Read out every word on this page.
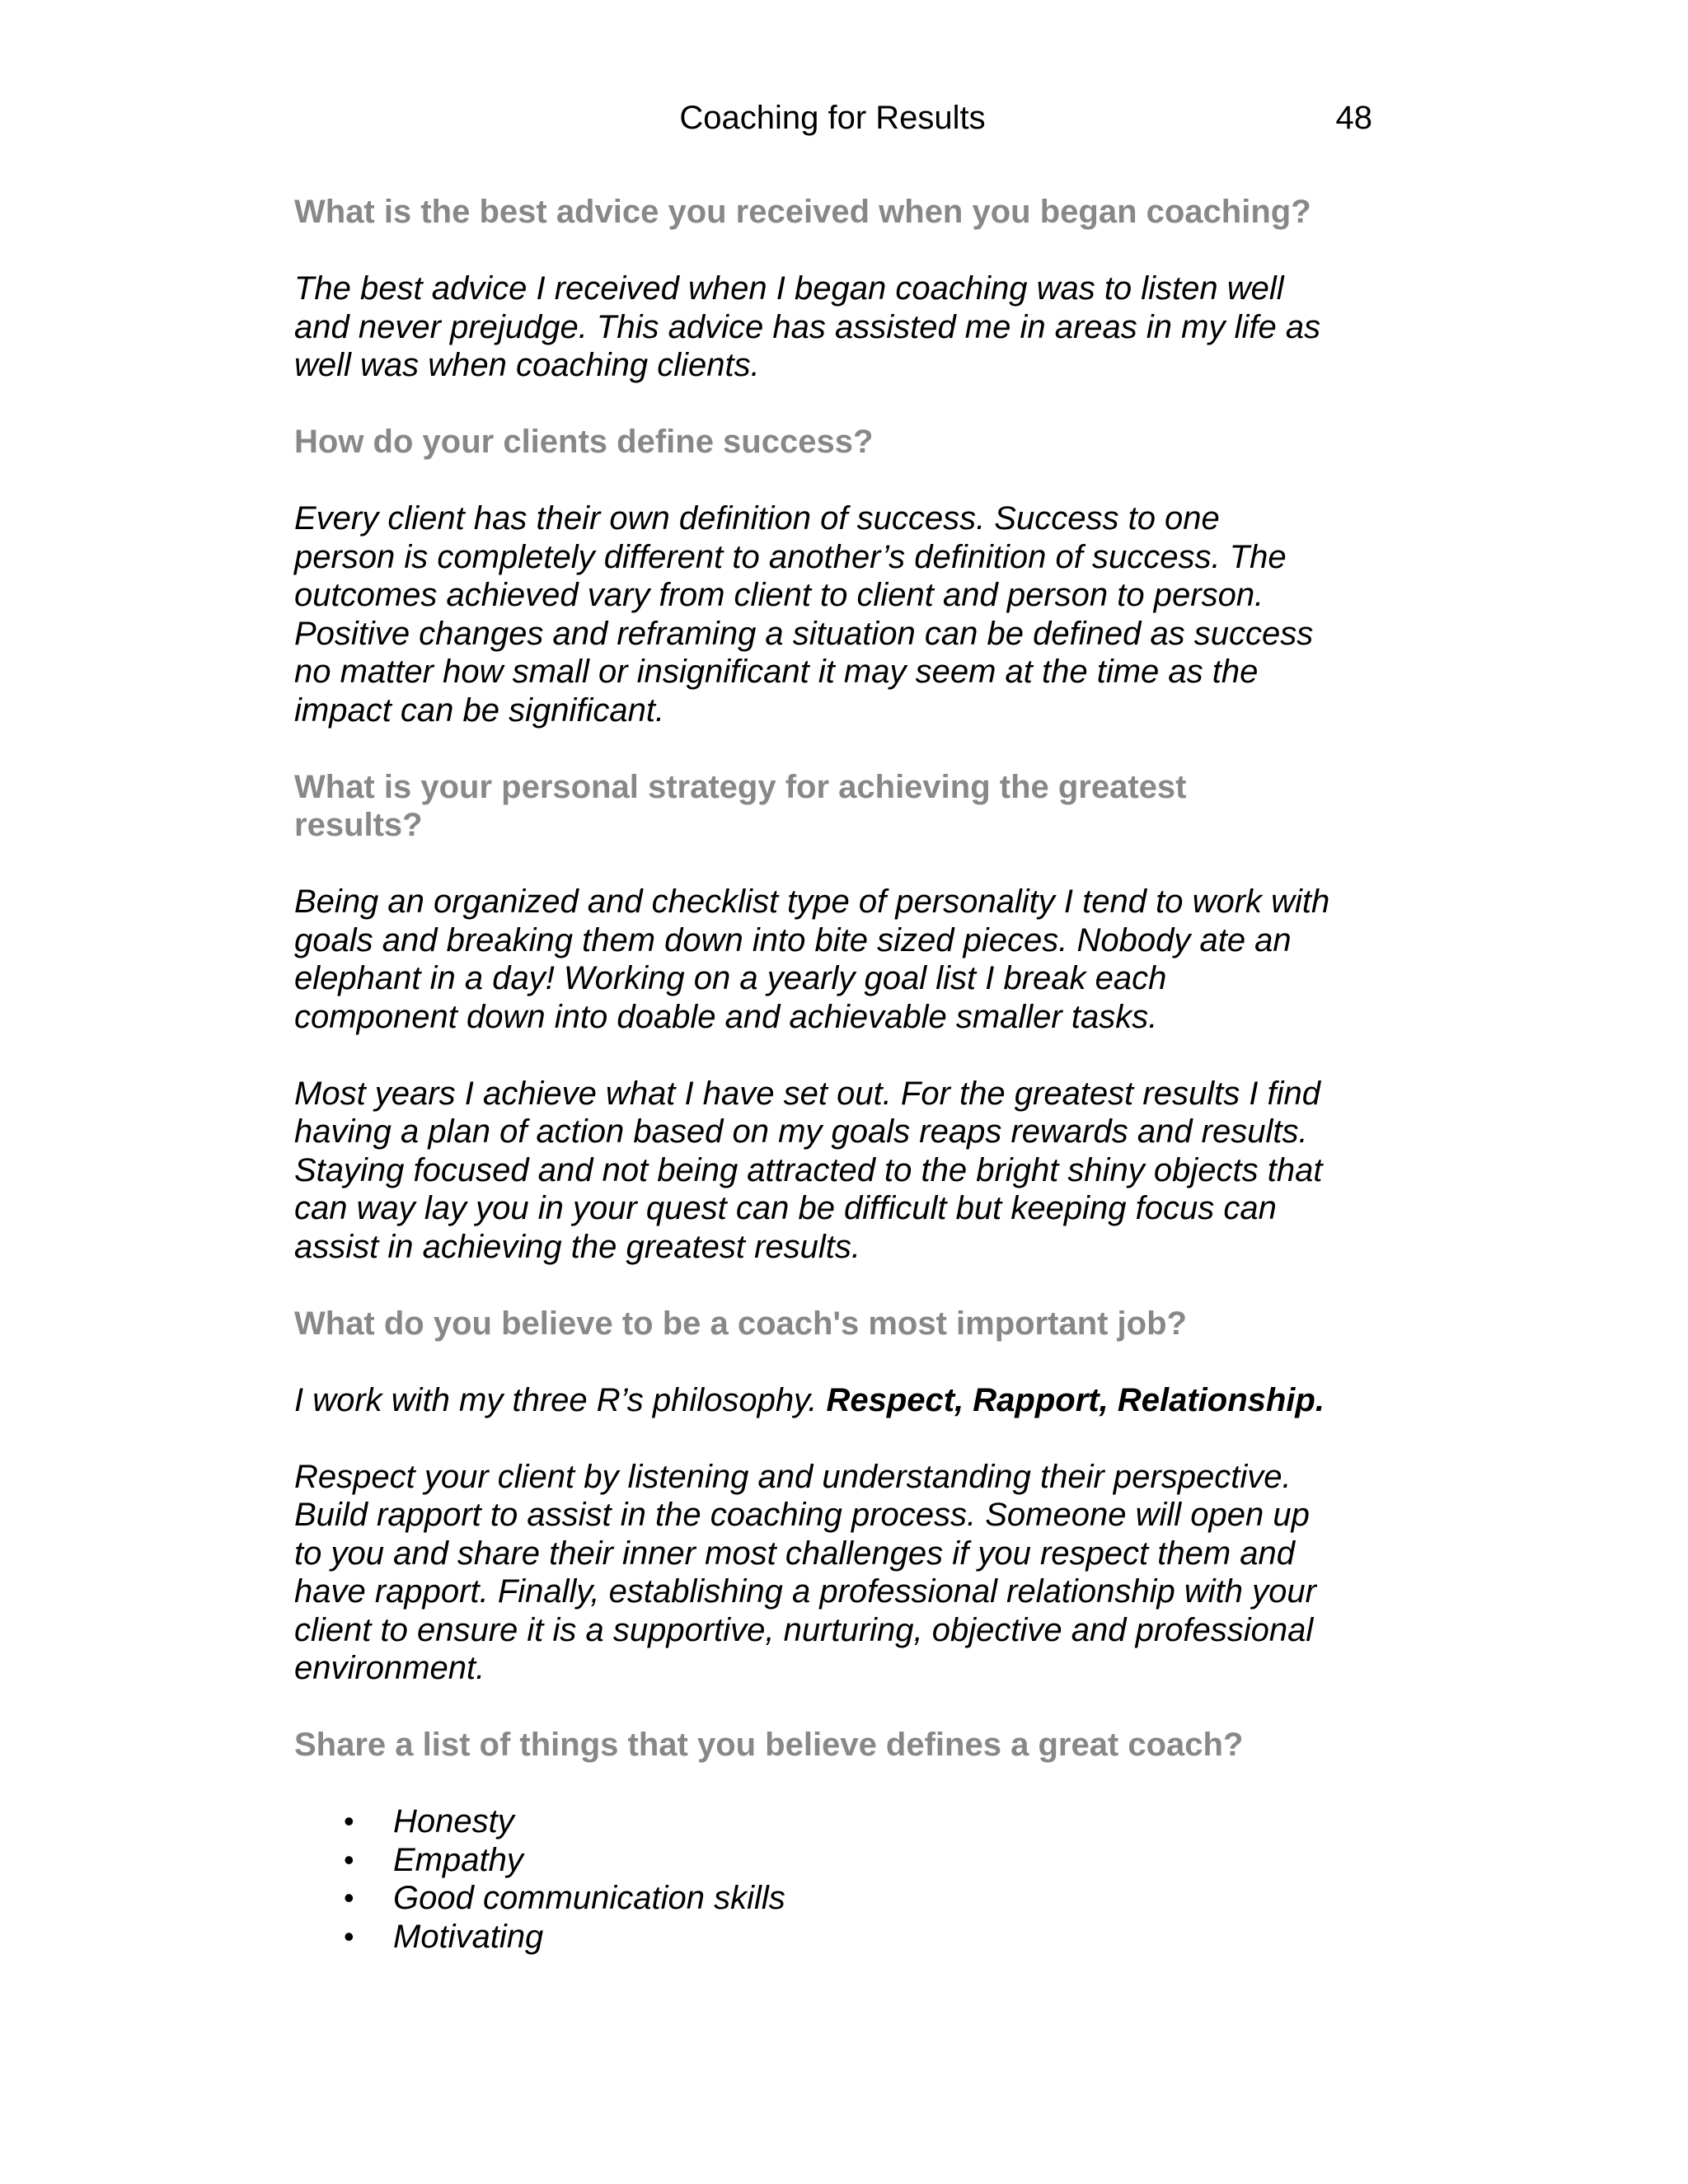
Coaching for Results	48

What is the best advice you received when you began coaching?

The best advice I received when I began coaching was to listen well
and never prejudge. This advice has assisted me in areas in my life as
well was when coaching clients.

How do your clients define success?

Every client has their own definition of success. Success to one
person is completely different to another’s definition of success. The
outcomes achieved vary from client to client and person to person.
Positive changes and reframing a situation can be defined as success
no matter how small or insignificant it may seem at the time as the
impact can be significant.

What is your personal strategy for achieving the greatest
results?

Being an organized and checklist type of personality I tend to work with
goals and breaking them down into bite sized pieces. Nobody ate an
elephant in a day! Working on a yearly goal list I break each
component down into doable and achievable smaller tasks.

Most years I achieve what I have set out. For the greatest results I find
having a plan of action based on my goals reaps rewards and results.
Staying focused and not being attracted to the bright shiny objects that
can way lay you in your quest can be difficult but keeping focus can
assist in achieving the greatest results.

What do you believe to be a coach's most important job?

I work with my three R’s philosophy. Respect, Rapport, Relationship.

Respect your client by listening and understanding their perspective.
Build rapport to assist in the coaching process. Someone will open up
to you and share their inner most challenges if you respect them and
have rapport. Finally, establishing a professional relationship with your
client to ensure it is a supportive, nurturing, objective and professional
environment.

Share a list of things that you believe defines a great coach?

• Honesty
• Empathy
• Good communication skills
• Motivating
